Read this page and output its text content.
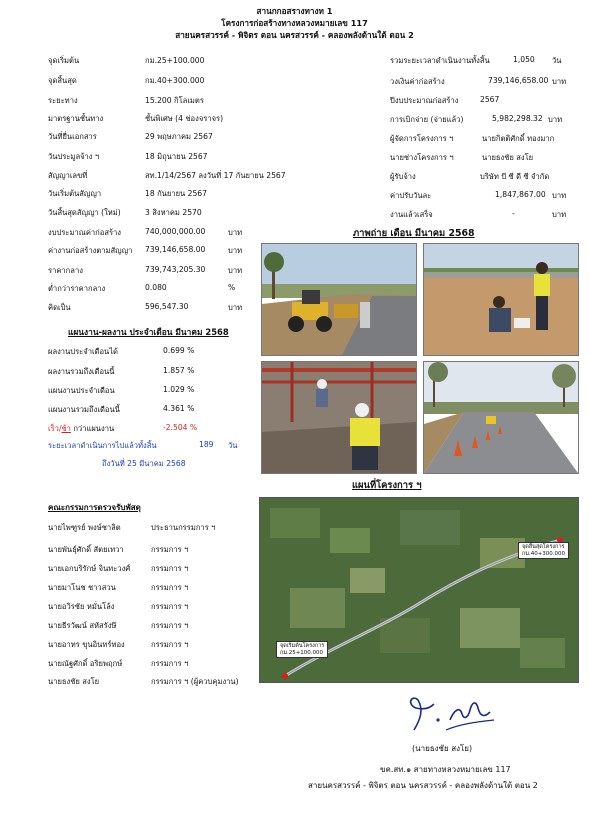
สานกกอสรางทางท 1
โครงการก่อสร้างทางหลวงหมายเลข 117
สายนครสวรรค์ - พิจิตร ตอน นครสวรรค์ - คลองพลังด้านใต้ ตอน 2
จุดเริ่มต้น	กม.25+100.000
จุดสิ้นสุด	กม.40+300.000
ระยะทาง	15.200 กิโลเมตร
มาตรฐานชั้นทาง	ชั้นพิเศษ (4 ช่องจราจร)
วันที่ยื่นเอกสาร	29 พฤษภาคม 2567
วันประมูลจ้าง ฯ	18 มิถุนายน 2567
สัญญาเลขที่	สท.1/14/2567 ลงวันที่ 17 กันยายน 2567
วันเริ่มต้นสัญญา	18 กันยายน 2567
วันสิ้นสุดสัญญา (ใหม่)	3 สิงหาคม 2570
งบประมาณค่าก่อสร้าง	740,000,000.00	บาท
ค่างานก่อสร้างตามสัญญา 739,146,658.00	บาท
ราคากลาง	739,743,205.30	บาท
ต่ำกว่าราคากลาง	0.080	%
คิดเป็น	596,547.30	บาท
รวมระยะเวลาดำเนินงานทั้งสิ้น	1,050 วัน
วงเงินค่าก่อสร้าง	739,146,658.00 บาท
ปีงบประมาณก่อสร้าง	2567
การเบิกจ่าย (จ่ายแล้ว)	5,982,298.32 บาท
ผู้จัดการโครงการ ฯ	นายกิตติศักดิ์ ทองมาก
นายช่างโครงการ ฯ	นายธงชัย สงโย
ผู้รับจ้าง	บริษัท บี ซี ดี ซี จำกัด
ค่าปรับวันละ	1,847,867.00 บาท
งานแล้วเสร็จ	-	บาท
ภาพถ่าย เดือน มีนาคม 2568
แผนงาน-ผลงาน ประจำเดือน มีนาคม 2568
ผลงานประจำเดือนได้	0.699 %
ผลงานรวมถึงเดือนนี้	1.857 %
แผนงานประจำเดือน	1.029 %
แผนงานรวมถึงเดือนนี้	4.361 %
เร็ว/ช้า กว่าแผนงาน	-2.504 %
ระยะเวลาดำเนินการไปแล้วทั้งสิ้น	189 วัน
ถึงวันที่ 25 มีนาคม 2568
คณะกรรมการตรวจรับพัสดุ
นายไพฑูรย์ พงษ์ชาลิต	ประธานกรรมการ ฯ
นายพันธุ์ศักดิ์ สัตยเทวา	กรรมการ ฯ
นายเอกบริรักษ์ จินทะวงศ์	กรรมการ ฯ
นายมาโนช ชาวสวน	กรรมการ ฯ
นายอวิรชัย หมั่นโล้ง	กรรมการ ฯ
นายธีรวัฒน์ สหัสรังษี	กรรมการ ฯ
นายอาทร ขุนอินทร์ทอง	กรรมการ ฯ
นายณัฐศักดิ์ อริยพฤกษ์	กรรมการ ฯ
นายธงชัย สงโย	กรรมการ ฯ (ผู้ควบคุมงาน)
แผนที่โครงการ ฯ
จุดเริ่มต้นโครงการ
กม.25+100.000
จุดสิ้นสุดโครงการ
กม.40+300.000
(นายธงชัย สงโย)
ขค.สท.๑ สายทางหลวงหมายเลข 117
สายนครสวรรค์ - พิจิตร ตอน นครสวรรค์ - คลองพลังด้านใต้ ตอน 2
